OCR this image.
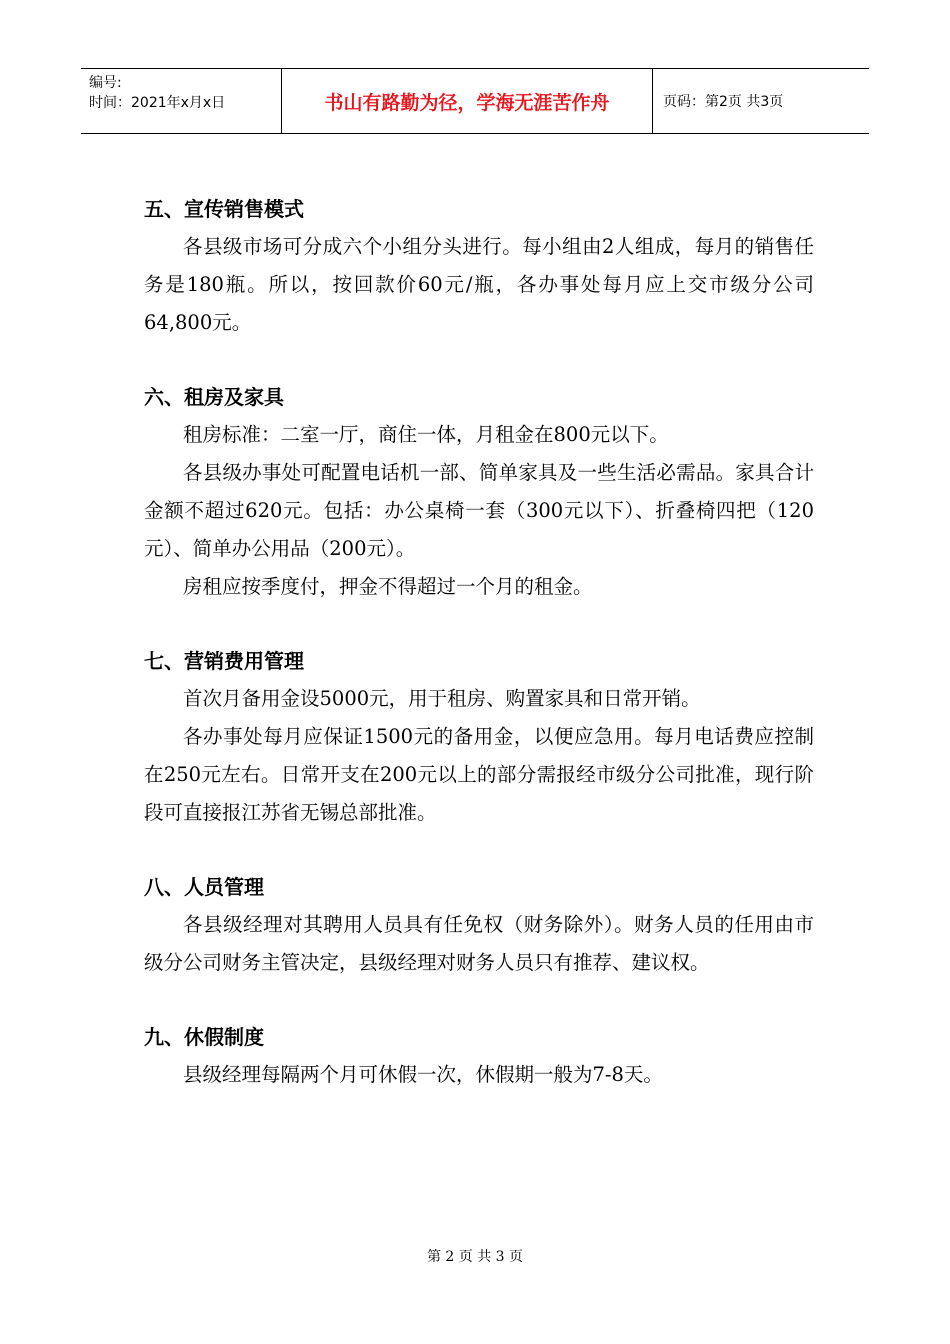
编号:
时间：2021年x月x日	书山有路勤为径，学海无涯苦作舟	页码：第2页 共3页
五、宣传销售模式

各县级市场可分成六个小组分头进行。每小组由2人组成，每月的销售任务是180瓶。所以，按回款价60元/瓶，各办事处每月应上交市级分公司64,800元。

六、租房及家具

租房标准：二室一厅，商住一体，月租金在800元以下。

各县级办事处可配置电话机一部、简单家具及一些生活必需品。家具合计金额不超过620元。包括：办公桌椅一套（300元以下）、折叠椅四把（120元）、简单办公用品（200元）。

房租应按季度付，押金不得超过一个月的租金。

七、营销费用管理

首次月备用金设5000元，用于租房、购置家具和日常开销。

各办事处每月应保证1500元的备用金，以便应急用。每月电话费应控制在250元左右。日常开支在200元以上的部分需报经市级分公司批准，现行阶段可直接报江苏省无锡总部批准。

八、人员管理

各县级经理对其聘用人员具有任免权（财务除外）。财务人员的任用由市级分公司财务主管决定，县级经理对财务人员只有推荐、建议权。

九、休假制度

县级经理每隔两个月可休假一次，休假期一般为7-8天。

第 2 页 共 3 页
